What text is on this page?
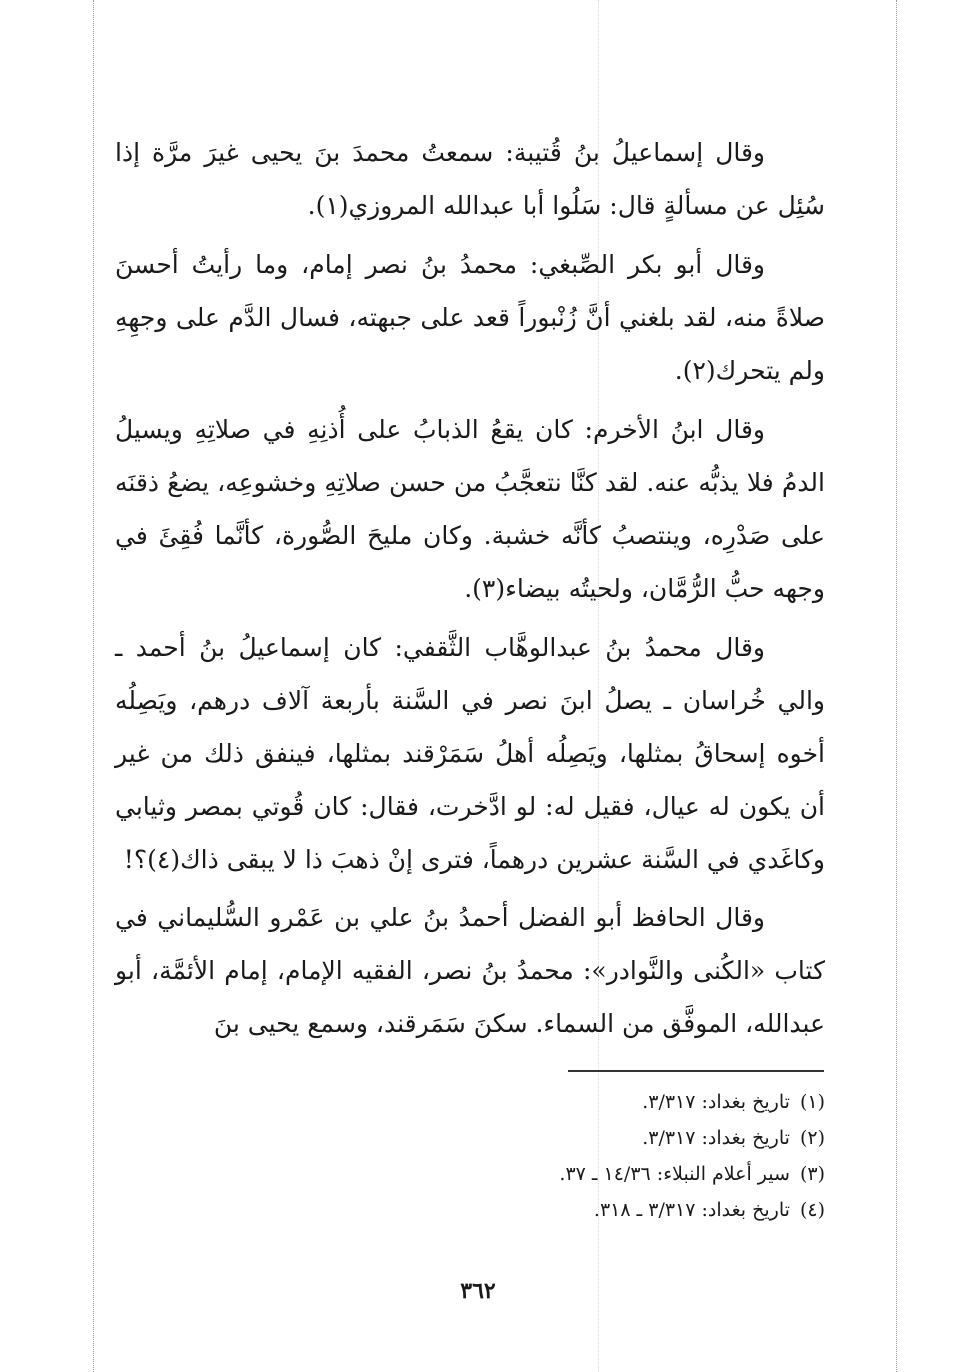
وقال إسماعيلُ بنُ قُتيبة: سمعتُ محمدَ بنَ يحيى غيرَ مرَّة إذا سُئِل عن مسألةٍ قال: سَلُوا أبا عبدالله المروزي(١).

وقال أبو بكر الصِّبغي: محمدُ بنُ نصر إمام، وما رأيتُ أحسنَ صلاةً منه، لقد بلغني أنَّ زُنْبوراً قعد على جبهته، فسال الدَّم على وجهِهِ ولم يتحرك(٢).

وقال ابنُ الأخرم: كان يقعُ الذبابُ على أُذنِهِ في صلاتِهِ ويسيلُ الدمُ فلا يذبُّه عنه. لقد كنَّا نتعجَّبُ من حسن صلاتِهِ وخشوعِه، يضعُ ذقنَه على صَدْرِه، وينتصبُ كأنَّه خشبة. وكان مليحَ الصُّورة، كأنَّما فُقِئَ في وجهه حبُّ الرُّمَّان، ولحيتُه بيضاء(٣).

وقال محمدُ بنُ عبدالوهَّاب الثَّقفي: كان إسماعيلُ بنُ أحمد ـ والي خُراسان ـ يصلُ ابنَ نصر في السَّنة بأربعة آلاف درهم، ويَصِلُه أخوه إسحاقُ بمثلها، ويَصِلُه أهلُ سَمَرْقند بمثلها، فينفق ذلك من غير أن يكون له عيال، فقيل له: لو ادَّخرت، فقال: كان قُوتي بمصر وثيابي وكاغَدي في السَّنة عشرين درهماً، فترى إنْ ذهبَ ذا لا يبقى ذاك(٤)؟!

وقال الحافظ أبو الفضل أحمدُ بنُ علي بن عَمْرو السُّليماني في كتاب «الكُنى والنَّوادر»: محمدُ بنُ نصر، الفقيه الإمام، إمام الأئمَّة، أبو عبدالله، الموفَّق من السماء. سكنَ سَمَرقند، وسمع يحيى بنَ

(١)تاريخ بغداد: ٣/٣١٧.
(٢)تاريخ بغداد: ٣/٣١٧.
(٣)سير أعلام النبلاء: ١٤/٣٦ ـ ٣٧.
(٤)تاريخ بغداد: ٣/٣١٧ ـ ٣١٨.
٣٦٢
